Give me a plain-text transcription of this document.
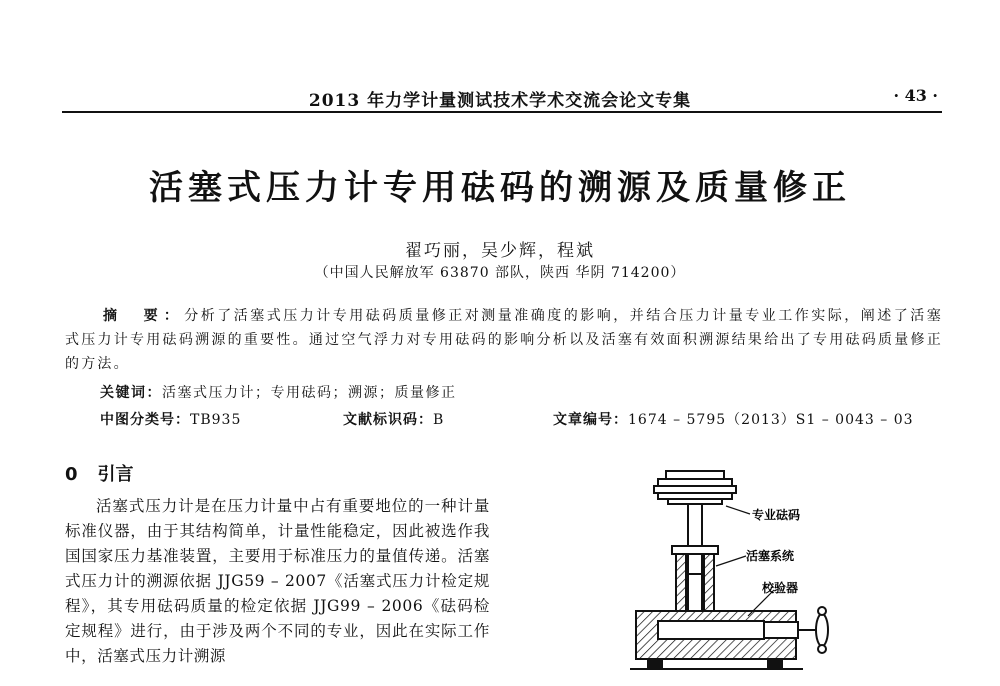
2013 年力学计量测试技术学术交流会论文专集	· 43 ·
活塞式压力计专用砝码的溯源及质量修正
翟巧丽，吴少辉，程斌
（中国人民解放军 63870 部队，陕西 华阴 714200）
摘　要：分析了活塞式压力计专用砝码质量修正对测量准确度的影响，并结合压力计量专业工作实际，阐述了活塞式压力计专用砝码溯源的重要性。通过空气浮力对专用砝码的影响分析以及活塞有效面积溯源结果给出了专用砝码质量修正的方法。
关键词：活塞式压力计；专用砝码；溯源；质量修正
中图分类号：TB935	文献标识码：B	文章编号：1674 – 5795（2013）S1 – 0043 – 03
0 引言

活塞式压力计是在压力计量中占有重要地位的一种计量标准仪器，由于其结构简单，计量性能稳定，因此被选作我国国家压力基准装置，主要用于标准压力的量值传递。活塞式压力计的溯源依据 JJG59 – 2007《活塞式压力计检定规程》，其专用砝码质量的检定依据 JJG99 – 2006《砝码检定规程》进行，由于涉及两个不同的专业，因此在实际工作中，活塞式压力计溯源

专业砝码
活塞系统
校验器
